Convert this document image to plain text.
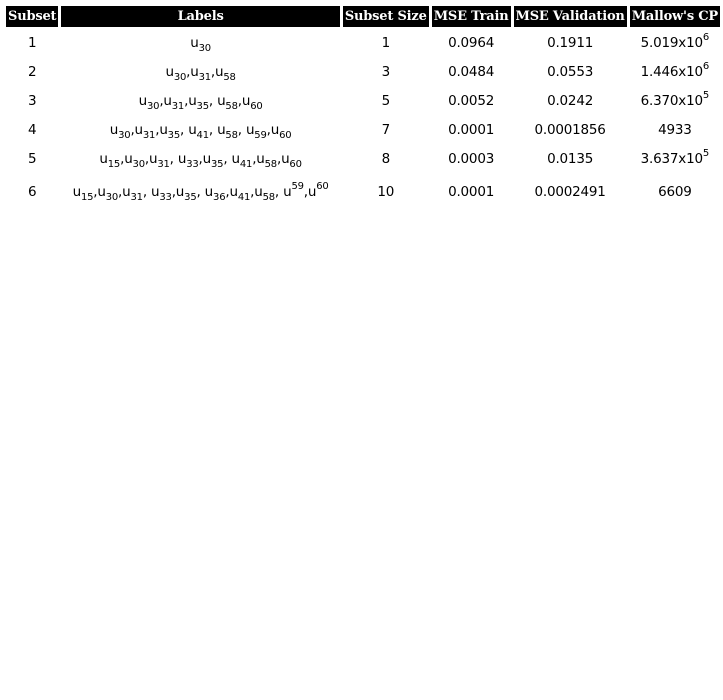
Subset	Labels	Subset Size	MSE Train	MSE Validation	Mallow's CP
1	$u_{30}$	1	0.0964	0.1911	$5.019x10^6$
2	$u_{30},u_{31},u_{58}$	3	0.0484	0.0553	$1.446x10^6$
3	$u_{30},u_{31},u_{35}$, $u_{58},u_{60}$	5	0.0052	0.0242	$6.370x10^5$
4	$u_{30},u_{31},u_{35}$, $u_{41}$, $u_{58}$, $u_{59},u_{60}$	7	0.0001	0.0001856	4933
5	$u_{15},u_{30},u_{31}$, $u_{33},u_{35}$, $u_{41},u_{58},u_{60}$	8	0.0003	0.0135	$3.637x10^5$
6	$u_{15},u_{30},u_{31}$, $u_{33},u_{35}$, $u_{36},u_{41},u_{58}$, $u^{59},u^{60}$	10	0.0001	0.0002491	6609
